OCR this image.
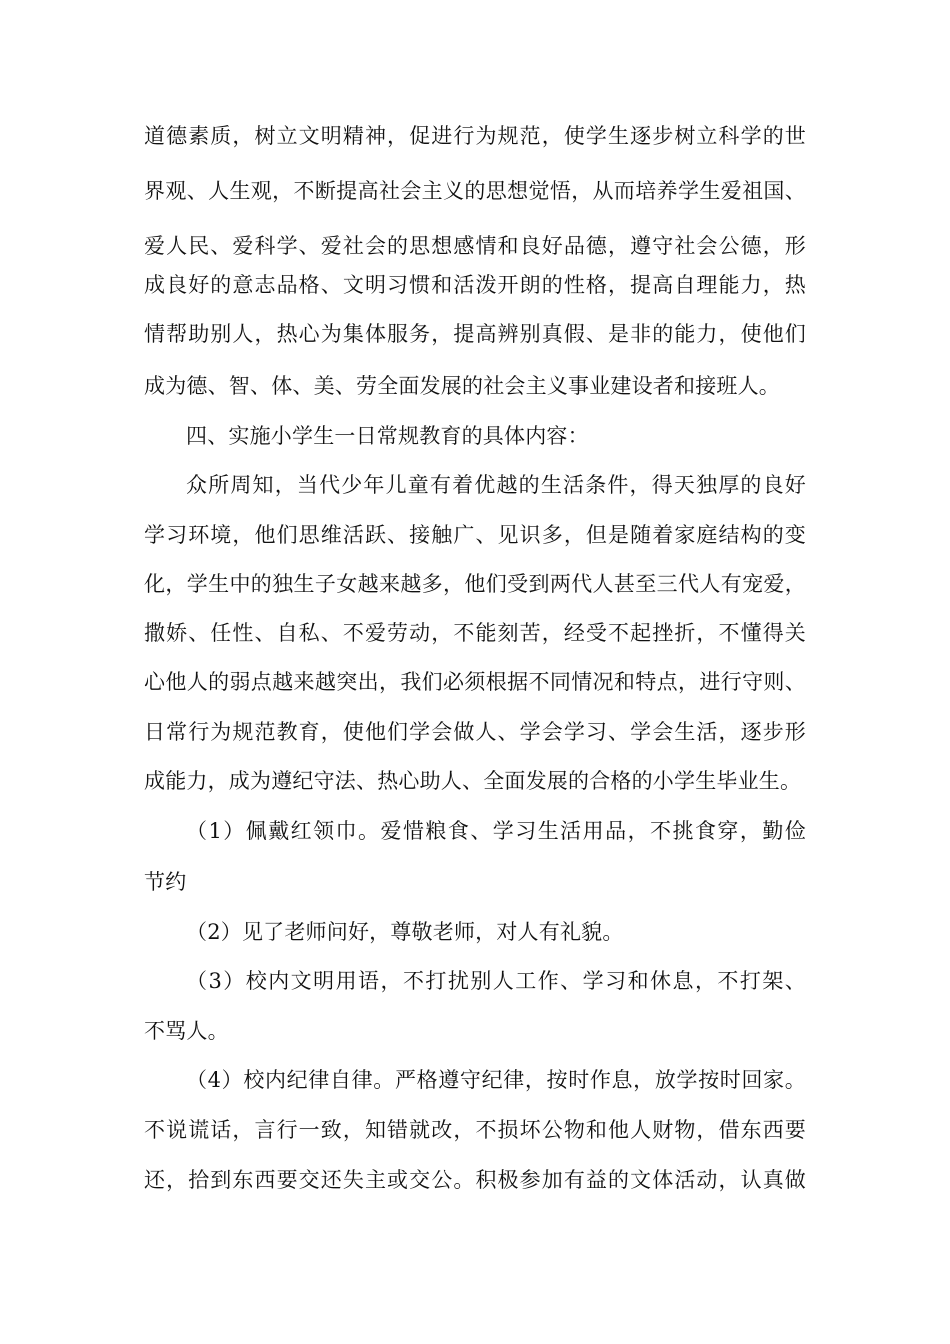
道德素质，树立文明精神，促进行为规范，使学生逐步树立科学的世
界观、人生观，不断提高社会主义的思想觉悟，从而培养学生爱祖国、
爱人民、爱科学、爱社会的思想感情和良好品德，遵守社会公德，形
成良好的意志品格、文明习惯和活泼开朗的性格，提高自理能力，热
情帮助别人，热心为集体服务，提高辨别真假、是非的能力，使他们
成为德、智、体、美、劳全面发展的社会主义事业建设者和接班人。
四、实施小学生一日常规教育的具体内容：
众所周知，当代少年儿童有着优越的生活条件，得天独厚的良好
学习环境，他们思维活跃、接触广、见识多，但是随着家庭结构的变
化，学生中的独生子女越来越多，他们受到两代人甚至三代人有宠爱，
撒娇、任性、自私、不爱劳动，不能刻苦，经受不起挫折，不懂得关
心他人的弱点越来越突出，我们必须根据不同情况和特点，进行守则、
日常行为规范教育，使他们学会做人、学会学习、学会生活，逐步形
成能力，成为遵纪守法、热心助人、全面发展的合格的小学生毕业生。
（1）佩戴红领巾。爱惜粮食、学习生活用品，不挑食穿，勤俭
节约
（2）见了老师问好，尊敬老师，对人有礼貌。
（3）校内文明用语，不打扰别人工作、学习和休息，不打架、
不骂人。
（4）校内纪律自律。严格遵守纪律，按时作息，放学按时回家。
不说谎话，言行一致，知错就改，不损坏公物和他人财物，借东西要
还，拾到东西要交还失主或交公。积极参加有益的文体活动，认真做
